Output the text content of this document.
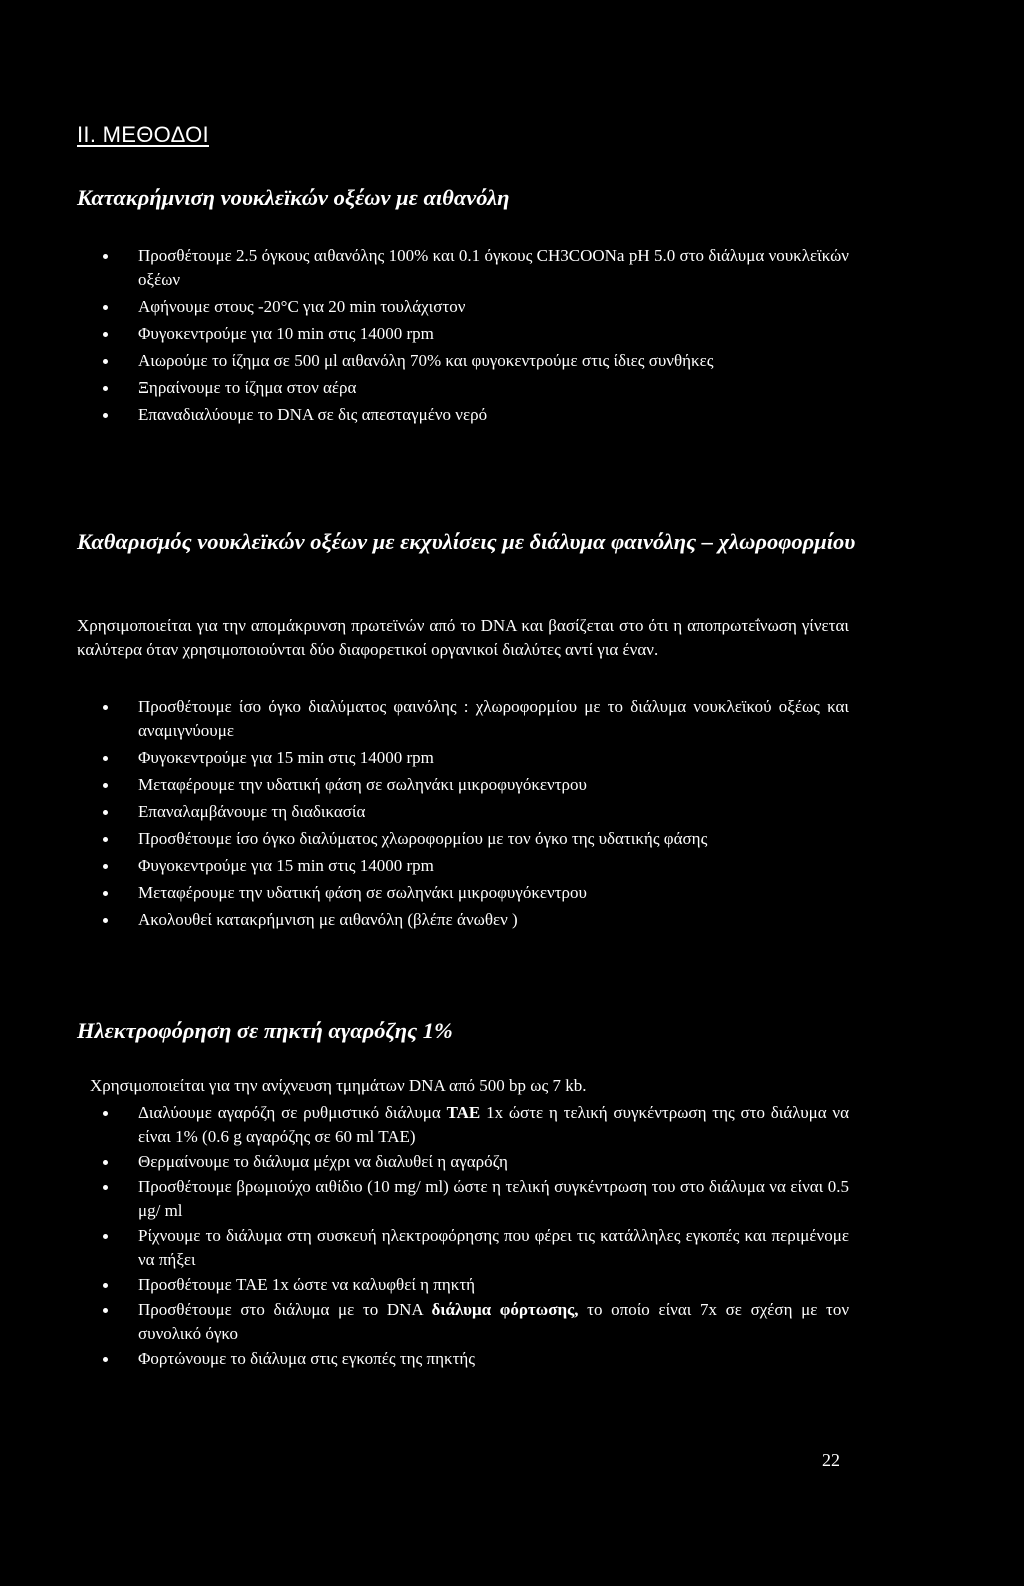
II. ΜΕΘΟΔΟΙ
Κατακρήμνιση νουκλεϊκών οξέων με αιθανόλη
Προσθέτουμε 2.5 όγκους αιθανόλης 100% και 0.1 όγκους CH3COONa pH 5.0 στο διάλυμα νουκλεϊκών οξέων
Αφήνουμε στους -20°C για 20 min τουλάχιστον
Φυγοκεντρούμε για 10 min στις 14000 rpm
Αιωρούμε το ίζημα σε 500 μl αιθανόλη 70% και φυγοκεντρούμε στις ίδιες συνθήκες
Ξηραίνουμε το ίζημα στον αέρα
Επαναδιαλύουμε το DNA σε δις απεσταγμένο νερό
Καθαρισμός νουκλεϊκών οξέων με εκχυλίσεις με διάλυμα φαινόλης – χλωροφορμίου
Χρησιμοποιείται για την απομάκρυνση πρωτεϊνών από το DNA και βασίζεται στο ότι η αποπρωτεΐνωση γίνεται καλύτερα όταν χρησιμοποιούνται δύο διαφορετικοί οργανικοί διαλύτες αντί για έναν.
Προσθέτουμε ίσο όγκο διαλύματος φαινόλης : χλωροφορμίου με το διάλυμα νουκλεϊκού οξέως και αναμιγνύουμε
Φυγοκεντρούμε για 15 min στις 14000 rpm
Μεταφέρουμε την υδατική φάση σε σωληνάκι μικροφυγόκεντρου
Επαναλαμβάνουμε τη διαδικασία
Προσθέτουμε ίσο όγκο διαλύματος χλωροφορμίου με τον όγκο της υδατικής φάσης
Φυγοκεντρούμε για 15 min στις 14000 rpm
Μεταφέρουμε την υδατική φάση σε σωληνάκι μικροφυγόκεντρου
Ακολουθεί κατακρήμνιση με αιθανόλη (βλέπε άνωθεν )
Ηλεκτροφόρηση σε πηκτή αγαρόζης 1%
Χρησιμοποιείται για την ανίχνευση τμημάτων DNA από 500 bp ως 7 kb.
Διαλύουμε αγαρόζη σε ρυθμιστικό διάλυμα TAE 1x ώστε η τελική συγκέντρωση της στο διάλυμα να είναι 1% (0.6 g αγαρόζης σε 60 ml TAE)
Θερμαίνουμε το διάλυμα μέχρι να διαλυθεί η αγαρόζη
Προσθέτουμε βρωμιούχο αιθίδιο (10 mg/ ml) ώστε η τελική συγκέντρωση του στο διάλυμα να είναι 0.5 μg/ ml
Ρίχνουμε το διάλυμα στη συσκευή ηλεκτροφόρησης που φέρει τις κατάλληλες εγκοπές και περιμένομε να πήξει
Προσθέτουμε TAE 1x ώστε να καλυφθεί η πηκτή
Προσθέτουμε στο διάλυμα με το DNA διάλυμα φόρτωσης, το οποίο είναι 7x σε σχέση με τον συνολικό όγκο
Φορτώνουμε το διάλυμα στις εγκοπές της πηκτής
22
